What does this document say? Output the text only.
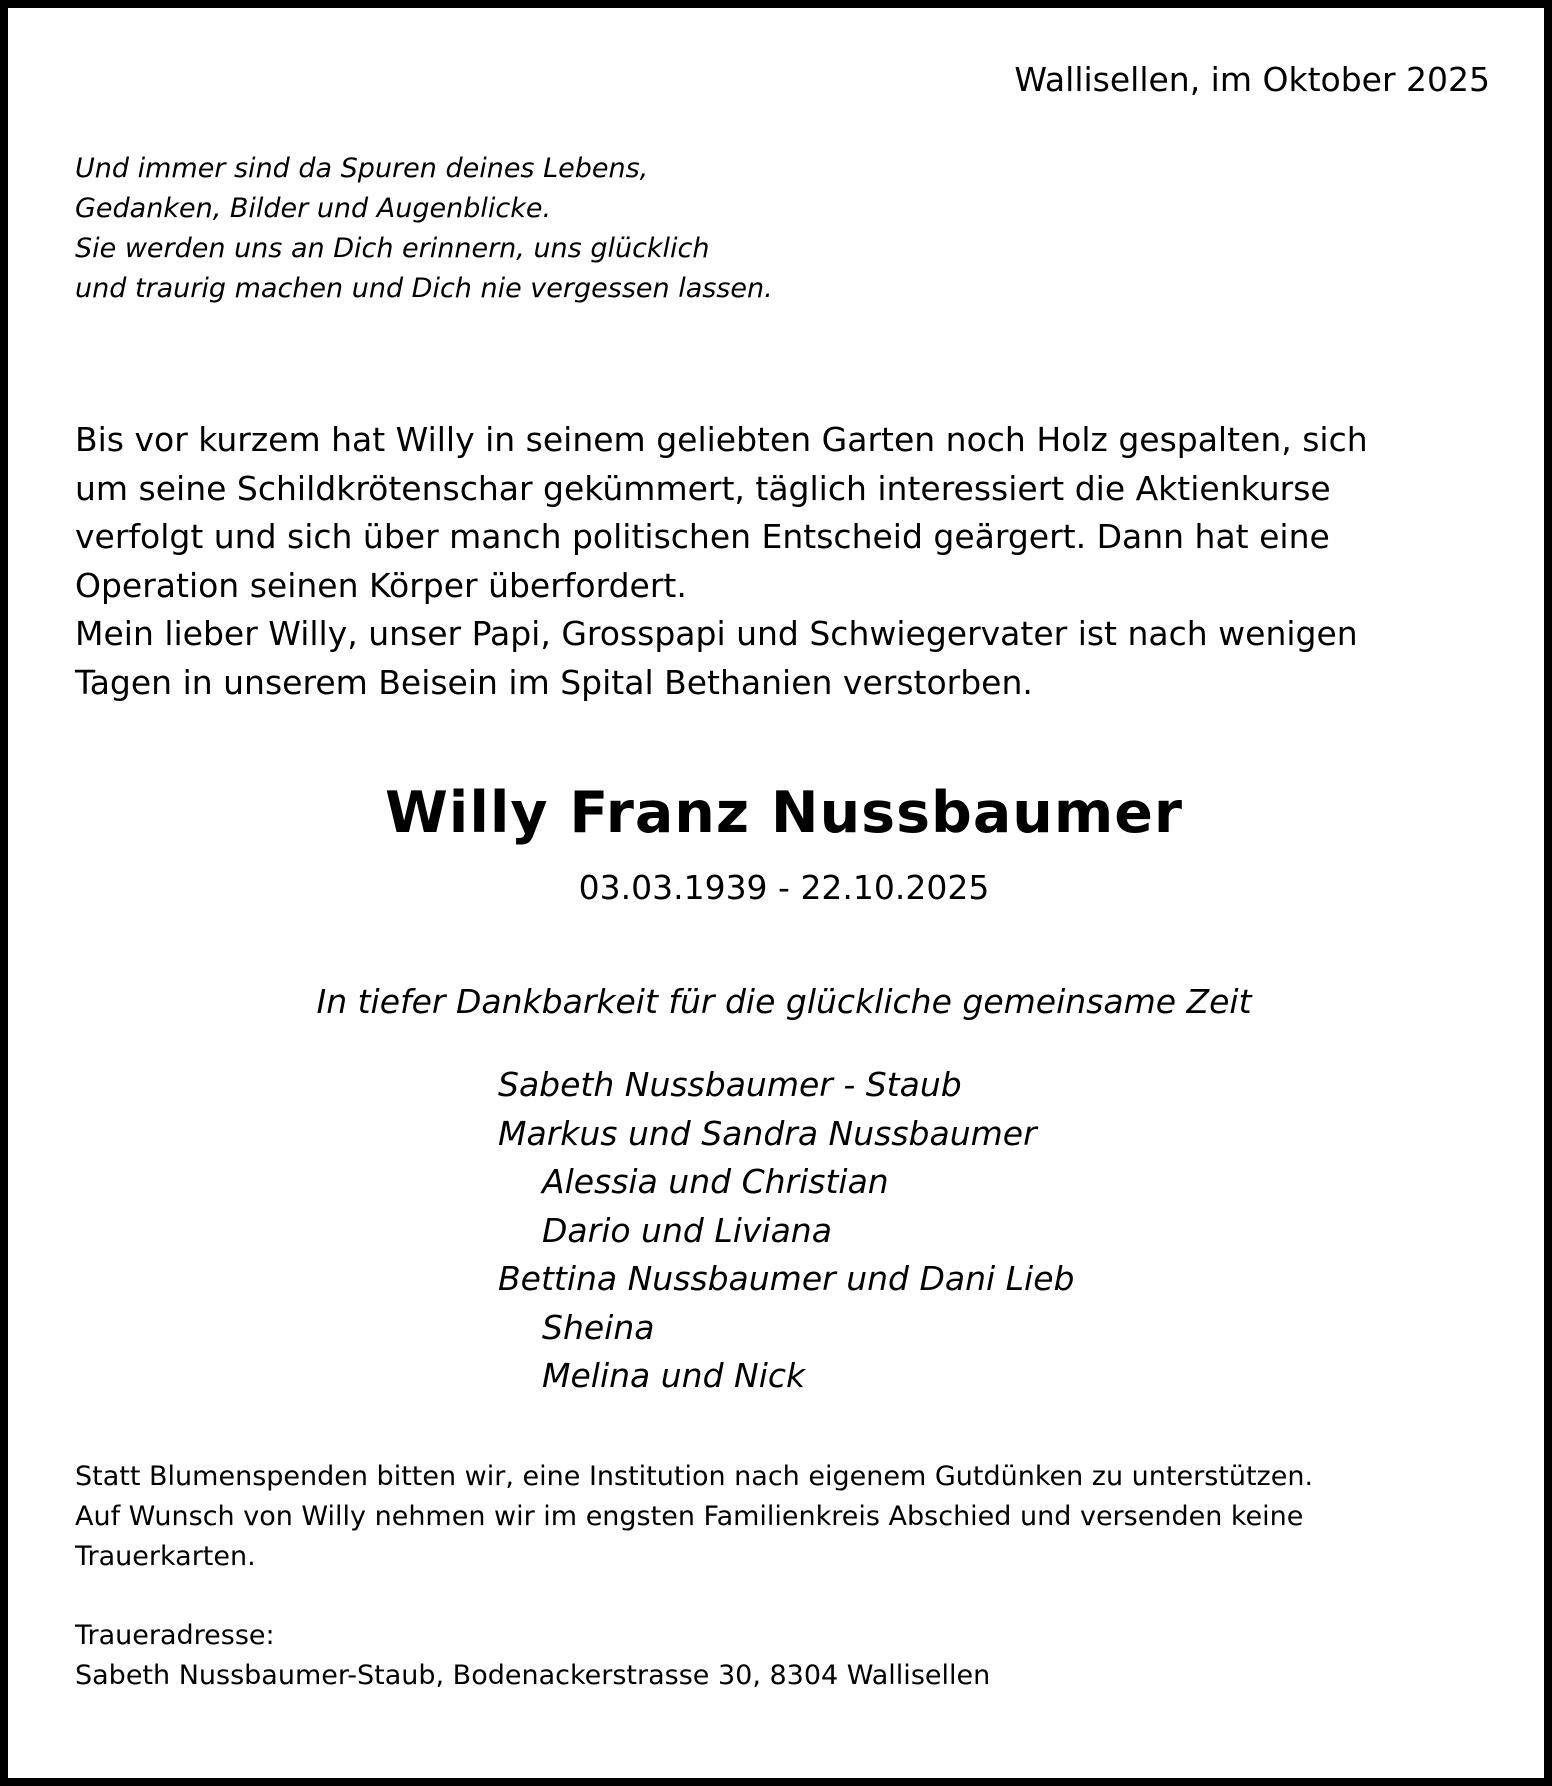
Wallisellen, im Oktober 2025
Und immer sind da Spuren deines Lebens,
Gedanken, Bilder und Augenblicke.
Sie werden uns an Dich erinnern, uns glücklich
und traurig machen und Dich nie vergessen lassen.
Bis vor kurzem hat Willy in seinem geliebten Garten noch Holz gespalten, sich
um seine Schildkrötenschar gekümmert, täglich interessiert die Aktienkurse
verfolgt und sich über manch politischen Entscheid geärgert. Dann hat eine
Operation seinen Körper überfordert.
Mein lieber Willy, unser Papi, Grosspapi und Schwiegervater ist nach wenigen
Tagen in unserem Beisein im Spital Bethanien verstorben.
Willy Franz Nussbaumer
03.03.1939 - 22.10.2025
In tiefer Dankbarkeit für die glückliche gemeinsame Zeit
Sabeth Nussbaumer - Staub
Markus und Sandra Nussbaumer
Alessia und Christian
Dario und Liviana
Bettina Nussbaumer und Dani Lieb
Sheina
Melina und Nick
Statt Blumenspenden bitten wir, eine Institution nach eigenem Gutdünken zu unterstützen.
Auf Wunsch von Willy nehmen wir im engsten Familienkreis Abschied und versenden keine
Trauerkarten.
Traueradresse:
Sabeth Nussbaumer-Staub, Bodenackerstrasse 30, 8304 Wallisellen
